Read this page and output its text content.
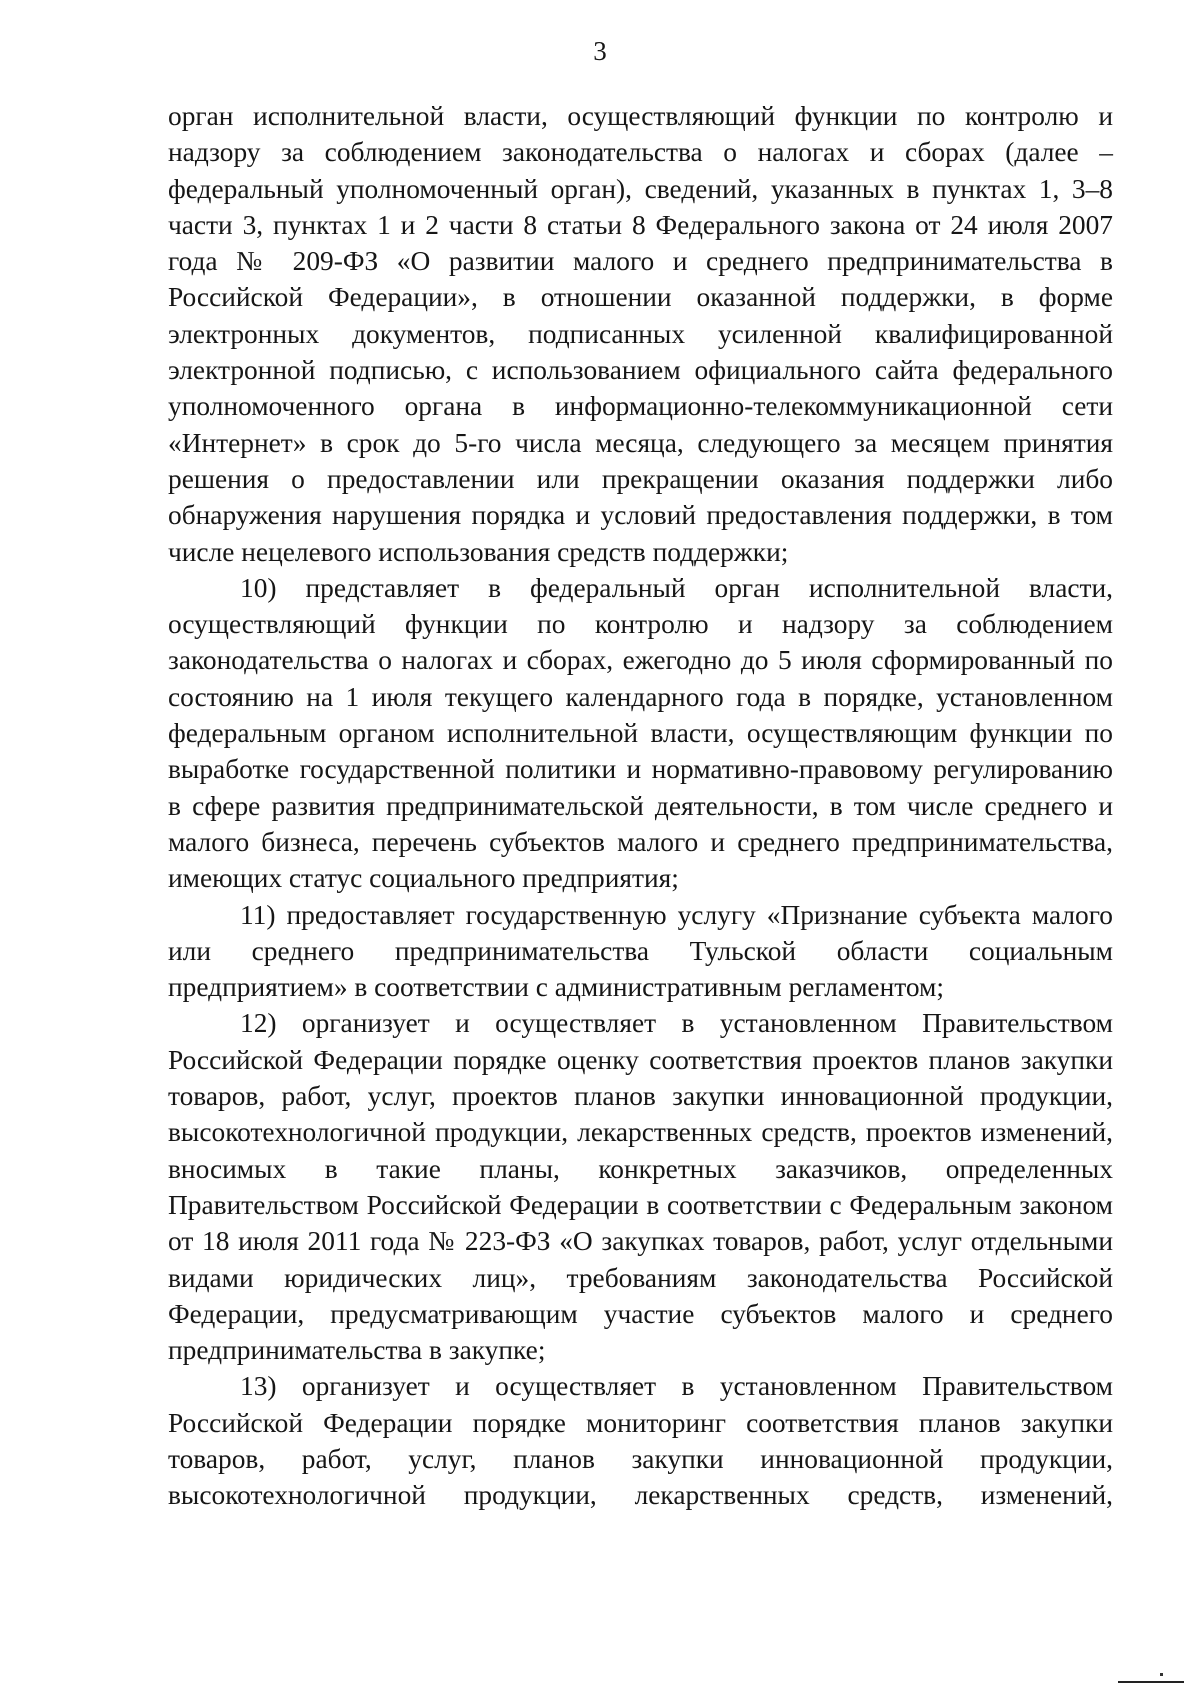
3

орган исполнительной власти, осуществляющий функции по контролю и надзору за соблюдением законодательства о налогах и сборах (далее – федеральный уполномоченный орган), сведений, указанных в пунктах 1, 3–8 части 3, пунктах 1 и 2 части 8 статьи 8 Федерального закона от 24 июля 2007 года № 209-ФЗ «О развитии малого и среднего предпринимательства в Российской Федерации», в отношении оказанной поддержки, в форме электронных документов, подписанных усиленной квалифицированной электронной подписью, с использованием официального сайта федерального уполномоченного органа в информационно-телекоммуникационной сети «Интернет» в срок до 5-го числа месяца, следующего за месяцем принятия решения о предоставлении или прекращении оказания поддержки либо обнаружения нарушения порядка и условий предоставления поддержки, в том числе нецелевого использования средств поддержки;

10) представляет в федеральный орган исполнительной власти, осуществляющий функции по контролю и надзору за соблюдением законодательства о налогах и сборах, ежегодно до 5 июля сформированный по состоянию на 1 июля текущего календарного года в порядке, установленном федеральным органом исполнительной власти, осуществляющим функции по выработке государственной политики и нормативно-правовому регулированию в сфере развития предпринимательской деятельности, в том числе среднего и малого бизнеса, перечень субъектов малого и среднего предпринимательства, имеющих статус социального предприятия;

11) предоставляет государственную услугу «Признание субъекта малого или среднего предпринимательства Тульской области социальным предприятием» в соответствии с административным регламентом;

12) организует и осуществляет в установленном Правительством Российской Федерации порядке оценку соответствия проектов планов закупки товаров, работ, услуг, проектов планов закупки инновационной продукции, высокотехнологичной продукции, лекарственных средств, проектов изменений, вносимых в такие планы, конкретных заказчиков, определенных Правительством Российской Федерации в соответствии с Федеральным законом от 18 июля 2011 года № 223-ФЗ «О закупках товаров, работ, услуг отдельными видами юридических лиц», требованиям законодательства Российской Федерации, предусматривающим участие субъектов малого и среднего предпринимательства в закупке;

13) организует и осуществляет в установленном Правительством Российской Федерации порядке мониторинг соответствия планов закупки товаров, работ, услуг, планов закупки инновационной продукции, высокотехнологичной продукции, лекарственных средств, изменений,
